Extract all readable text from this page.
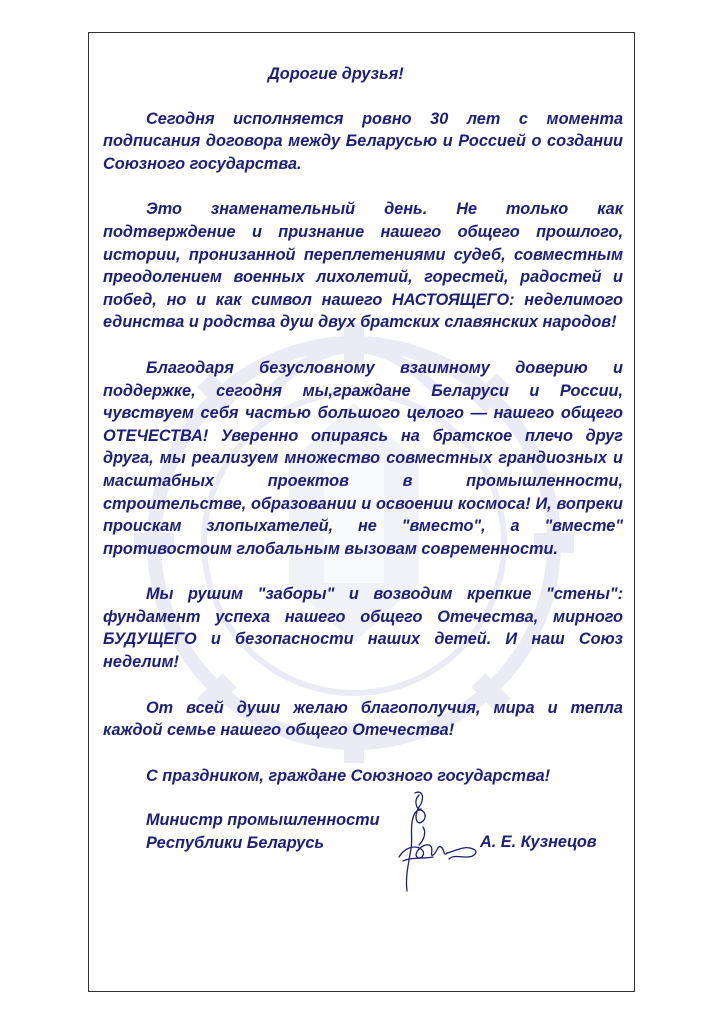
Дорогие друзья!

Сегодня исполняется ровно 30 лет с момента подписания договора между Беларусью и Россией о создании Союзного государства.

Это знаменательный день. Не только как подтверждение и признание нашего общего прошлого, истории, пронизанной переплетениями судеб, совместным преодолением военных лихолетий, горестей, радостей и побед, но и как символ нашего НАСТОЯЩЕГО: неделимого единства и родства душ двух братских славянских народов!

Благодаря безусловному взаимному доверию и поддержке, сегодня мы,граждане Беларуси и России, чувствуем себя частью большого целого — нашего общего ОТЕЧЕСТВА! Уверенно опираясь на братское плечо друг друга, мы реализуем множество совместных грандиозных и масштабных проектов в промышленности, строительстве, образовании и освоении космоса! И, вопреки проискам злопыхателей, не "вместо", а "вместе" противостоим глобальным вызовам современности.

Мы рушим "заборы" и возводим крепкие "стены": фундамент успеха нашего общего Отечества, мирного БУДУЩЕГО и безопасности наших детей. И наш Союз неделим!

От всей души желаю благополучия, мира и тепла каждой семье нашего общего Отечества!

С праздником, граждане Союзного государства!
Министр промышленности
Республики Беларусь	А. Е. Кузнецов
